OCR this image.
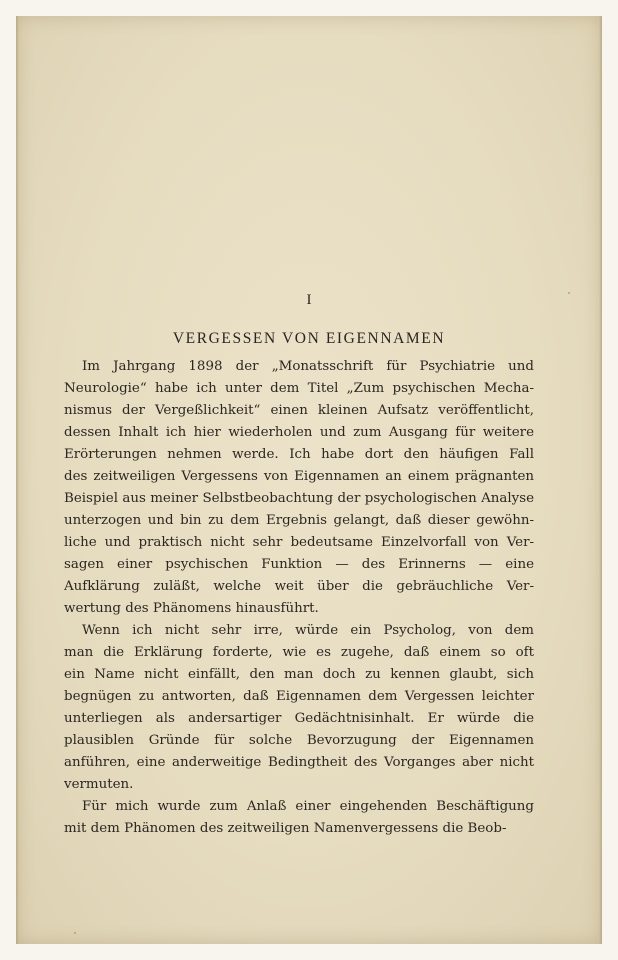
I
VERGESSEN VON EIGENNAMEN
Im Jahrgang 1898 der „Monatsschrift für Psychiatrie und
Neurologie“ habe ich unter dem Titel „Zum psychischen Mecha-
nismus der Vergeßlichkeit“ einen kleinen Aufsatz veröffentlicht,
dessen Inhalt ich hier wiederholen und zum Ausgang für weitere
Erörterungen nehmen werde. Ich habe dort den häufigen Fall
des zeitweiligen Vergessens von Eigennamen an einem prägnanten
Beispiel aus meiner Selbstbeobachtung der psychologischen Analyse
unterzogen und bin zu dem Ergebnis gelangt, daß dieser gewöhn-
liche und praktisch nicht sehr bedeutsame Einzelvorfall von Ver-
sagen einer psychischen Funktion — des Erinnerns — eine
Aufklärung zuläßt, welche weit über die gebräuchliche Ver-
wertung des Phänomens hinausführt.
Wenn ich nicht sehr irre, würde ein Psycholog, von dem
man die Erklärung forderte, wie es zugehe, daß einem so oft
ein Name nicht einfällt, den man doch zu kennen glaubt, sich
begnügen zu antworten, daß Eigennamen dem Vergessen leichter
unterliegen als andersartiger Gedächtnisinhalt. Er würde die
plausiblen Gründe für solche Bevorzugung der Eigennamen
anführen, eine anderweitige Bedingtheit des Vorganges aber nicht
vermuten.
Für mich wurde zum Anlaß einer eingehenden Beschäftigung
mit dem Phänomen des zeitweiligen Namenvergessens die Beob-
